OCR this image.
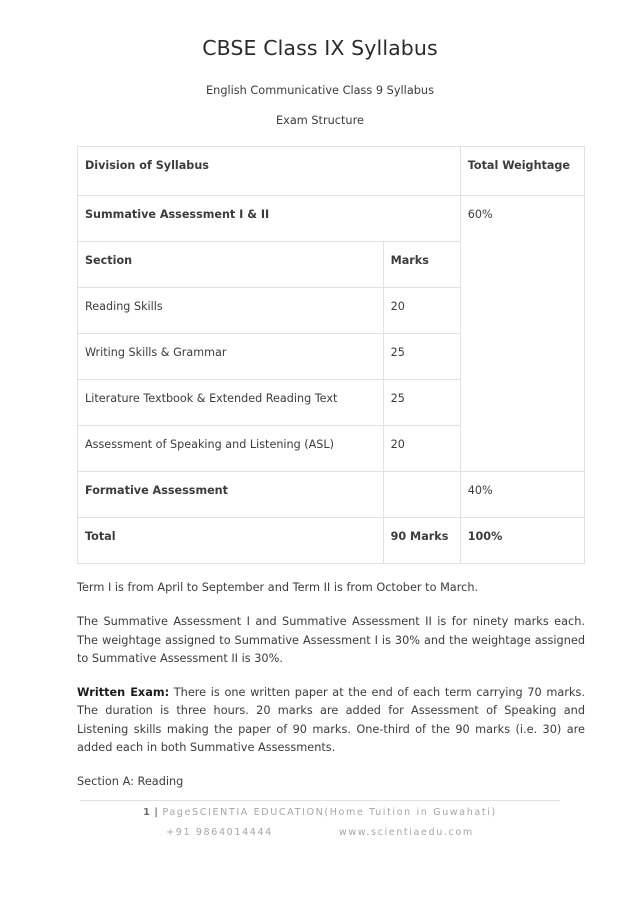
CBSE Class IX Syllabus

English Communicative Class 9 Syllabus

Exam Structure

Division of Syllabus		Total Weightage
Summative Assessment I & II		60%
Section	Marks	
Reading Skills	20	
Writing Skills & Grammar	25	
Literature Textbook & Extended Reading Text	25	
Assessment of Speaking and Listening (ASL)	20	
Formative Assessment		40%
Total	90 Marks	100%

Term I is from April to September and Term II is from October to March.

The Summative Assessment I and Summative Assessment II is for ninety marks each. The weightage assigned to Summative Assessment I is 30% and the weightage assigned to Summative Assessment II is 30%.

Written Exam: There is one written paper at the end of each term carrying 70 marks. The duration is three hours. 20 marks are added for Assessment of Speaking and Listening skills making the paper of 90 marks. One-third of the 90 marks (i.e. 30) are added each in both Summative Assessments.

Section A: Reading

1 | PageSCIENTIA EDUCATION(Home Tuition in Guwahati)

+91 9864014444	www.scientiaedu.com
